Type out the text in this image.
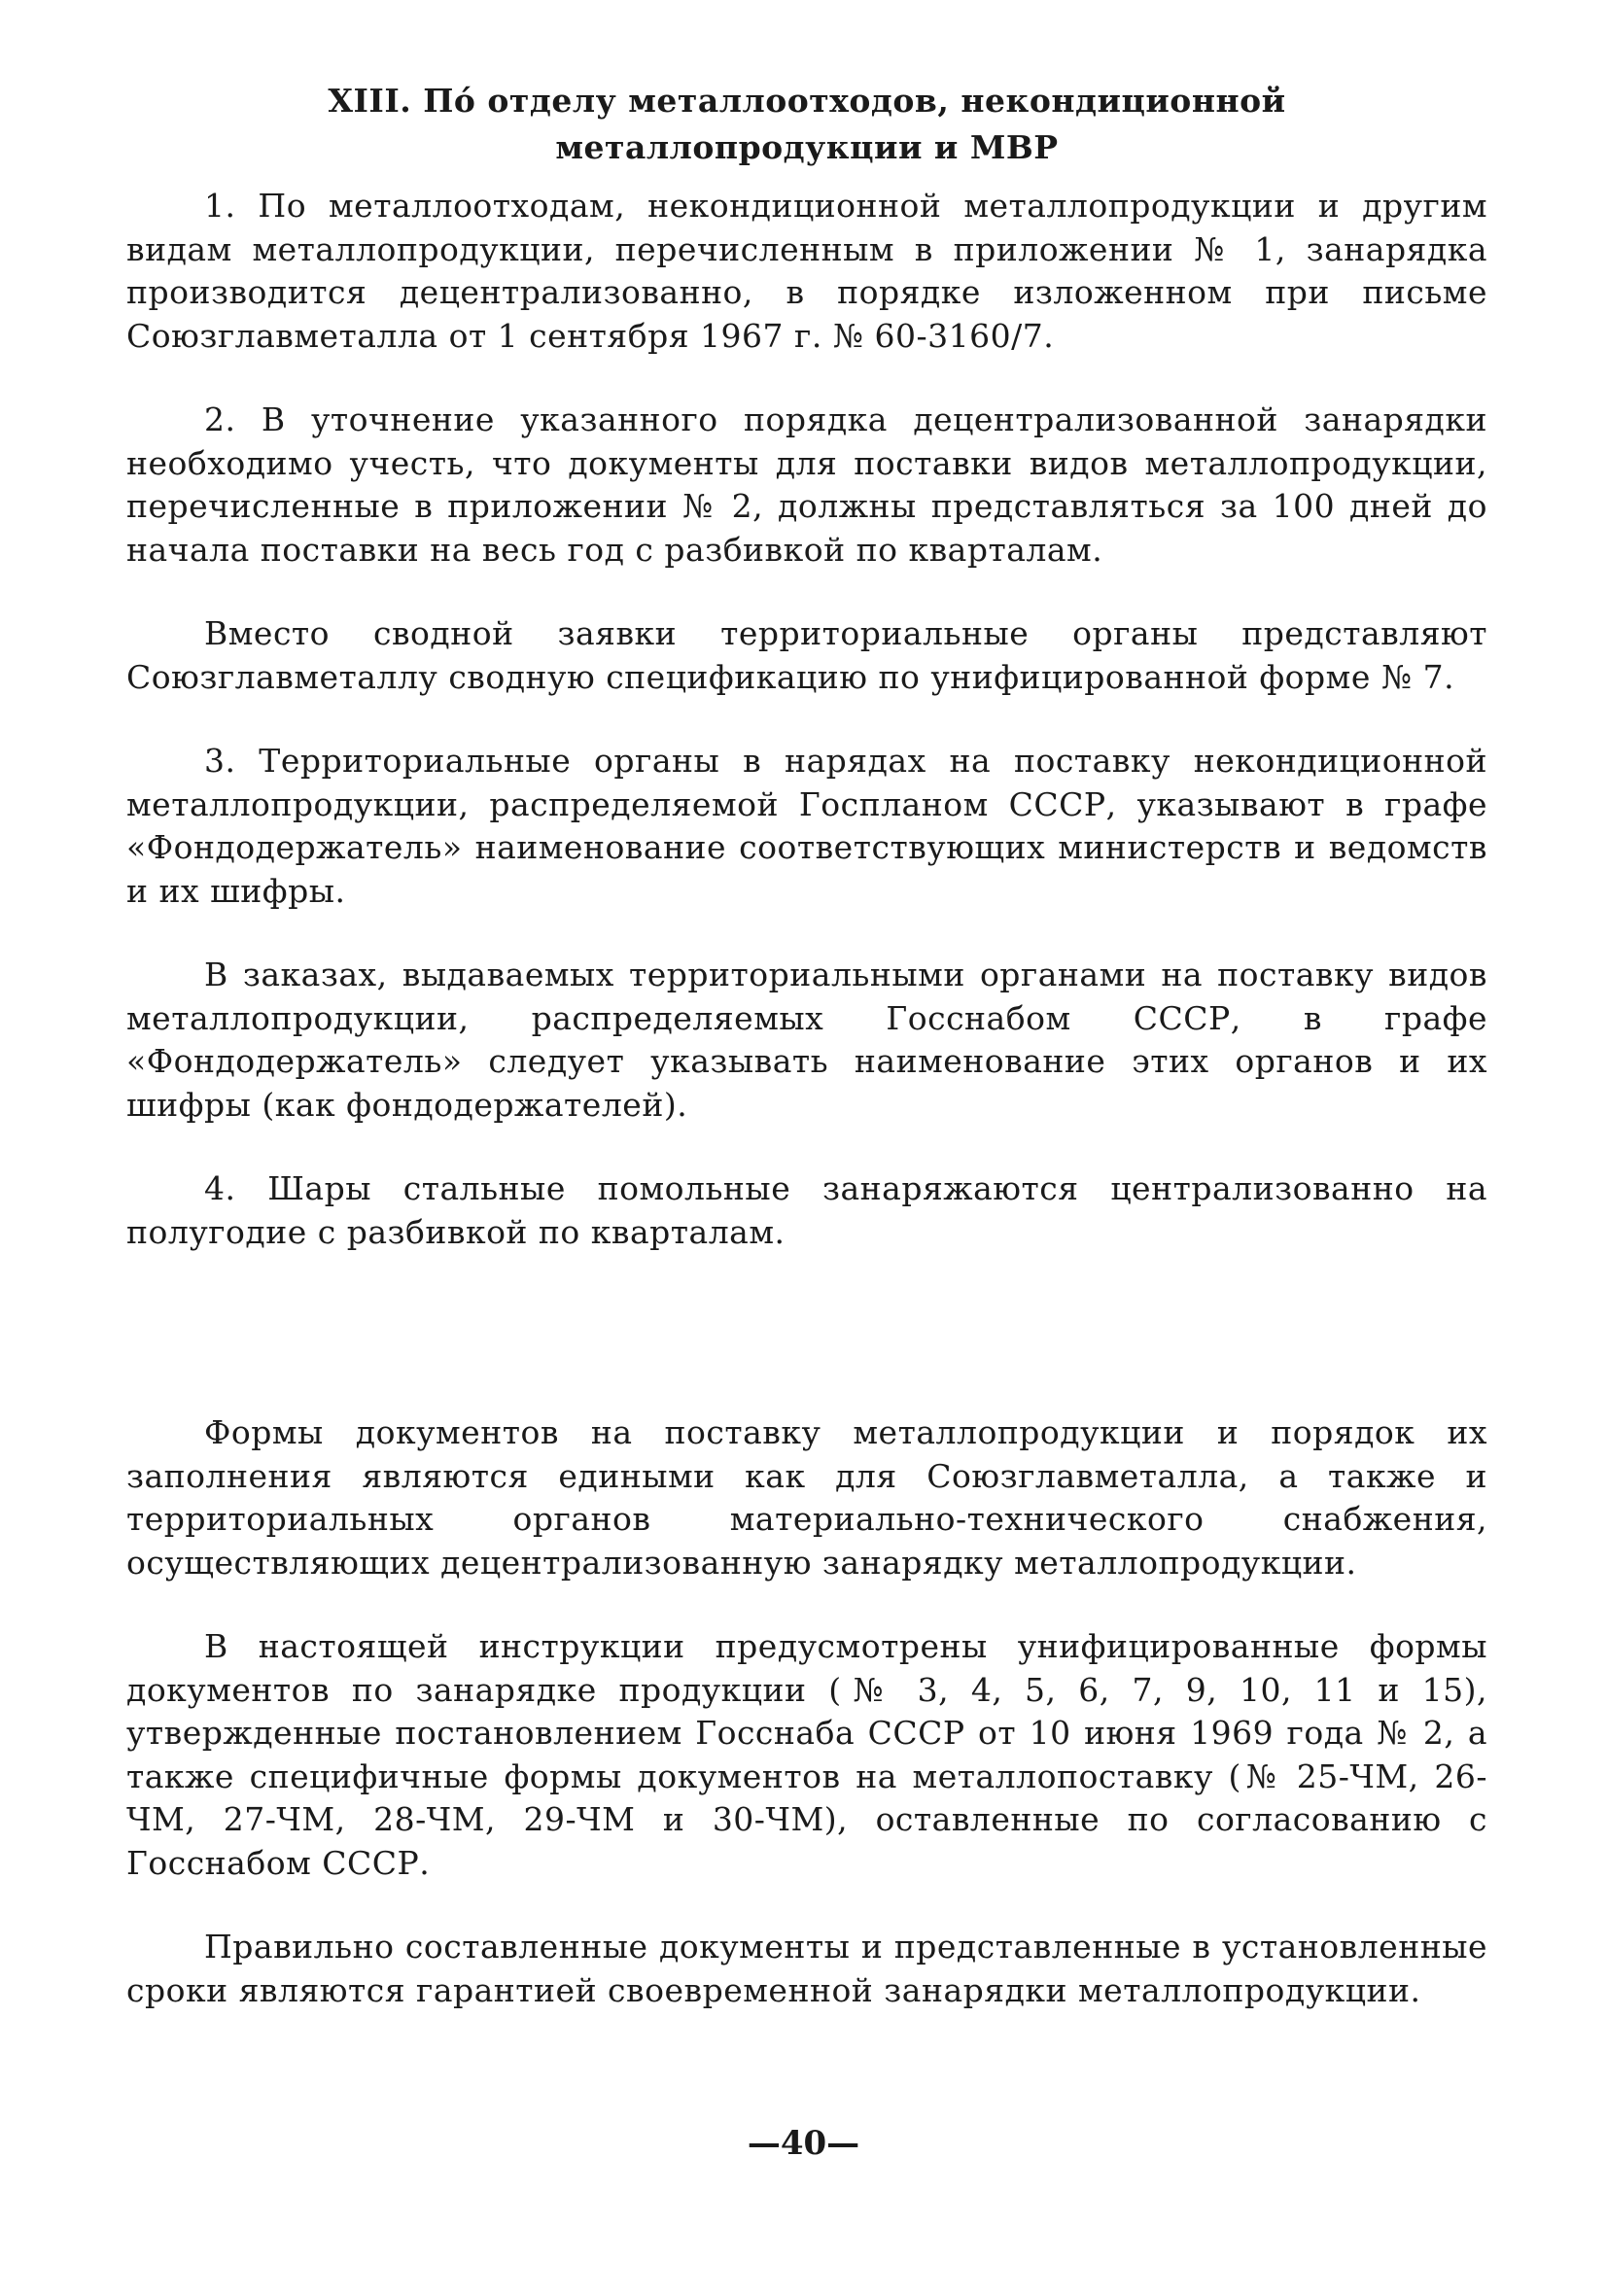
XIII. Пó отделу металлоотходов, некондиционной
металлопродукции и МВР

1. По металлоотходам, некондиционной металлопродукции и другим видам металлопродукции, перечисленным в приложении № 1, занарядка производится децентрализованно, в порядке изложенном при письме Союзглавметалла от 1 сентября 1967 г. № 60-3160/7.

2. В уточнение указанного порядка децентрализованной занарядки необходимо учесть, что документы для поставки видов металлопродукции, перечисленные в приложении № 2, должны представляться за 100 дней до начала поставки на весь год с разбивкой по кварталам.

Вместо сводной заявки территориальные органы представляют Союзглавметаллу сводную спецификацию по унифицированной форме № 7.

3. Территориальные органы в нарядах на поставку некондиционной металлопродукции, распределяемой Госпланом СССР, указывают в графе «Фондодержатель» наименование соответствующих министерств и ведомств и их шифры.

В заказах, выдаваемых территориальными органами на поставку видов металлопродукции, распределяемых Госснабом СССР, в графе «Фондодержатель» следует указывать наименование этих органов и их шифры (как фондодержателей).

4. Шары стальные помольные занаряжаются централизованно на полугодие с разбивкой по кварталам.

Формы документов на поставку металлопродукции и порядок их заполнения являются едиными как для Союзглавметалла, а также и территориальных органов материально-технического снабжения, осуществляющих децентрализованную занарядку металлопродукции.

В настоящей инструкции предусмотрены унифицированные формы документов по занарядке продукции (№ 3, 4, 5, 6, 7, 9, 10, 11 и 15), утвержденные постановлением Госснаба СССР от 10 июня 1969 года № 2, а также специфичные формы документов на металлопоставку (№ 25-ЧМ, 26-ЧМ, 27-ЧМ, 28-ЧМ, 29-ЧМ и 30-ЧМ), оставленные по согласованию с Госснабом СССР.

Правильно составленные документы и представленные в установленные сроки являются гарантией своевременной занарядки металлопродукции.

—40—
